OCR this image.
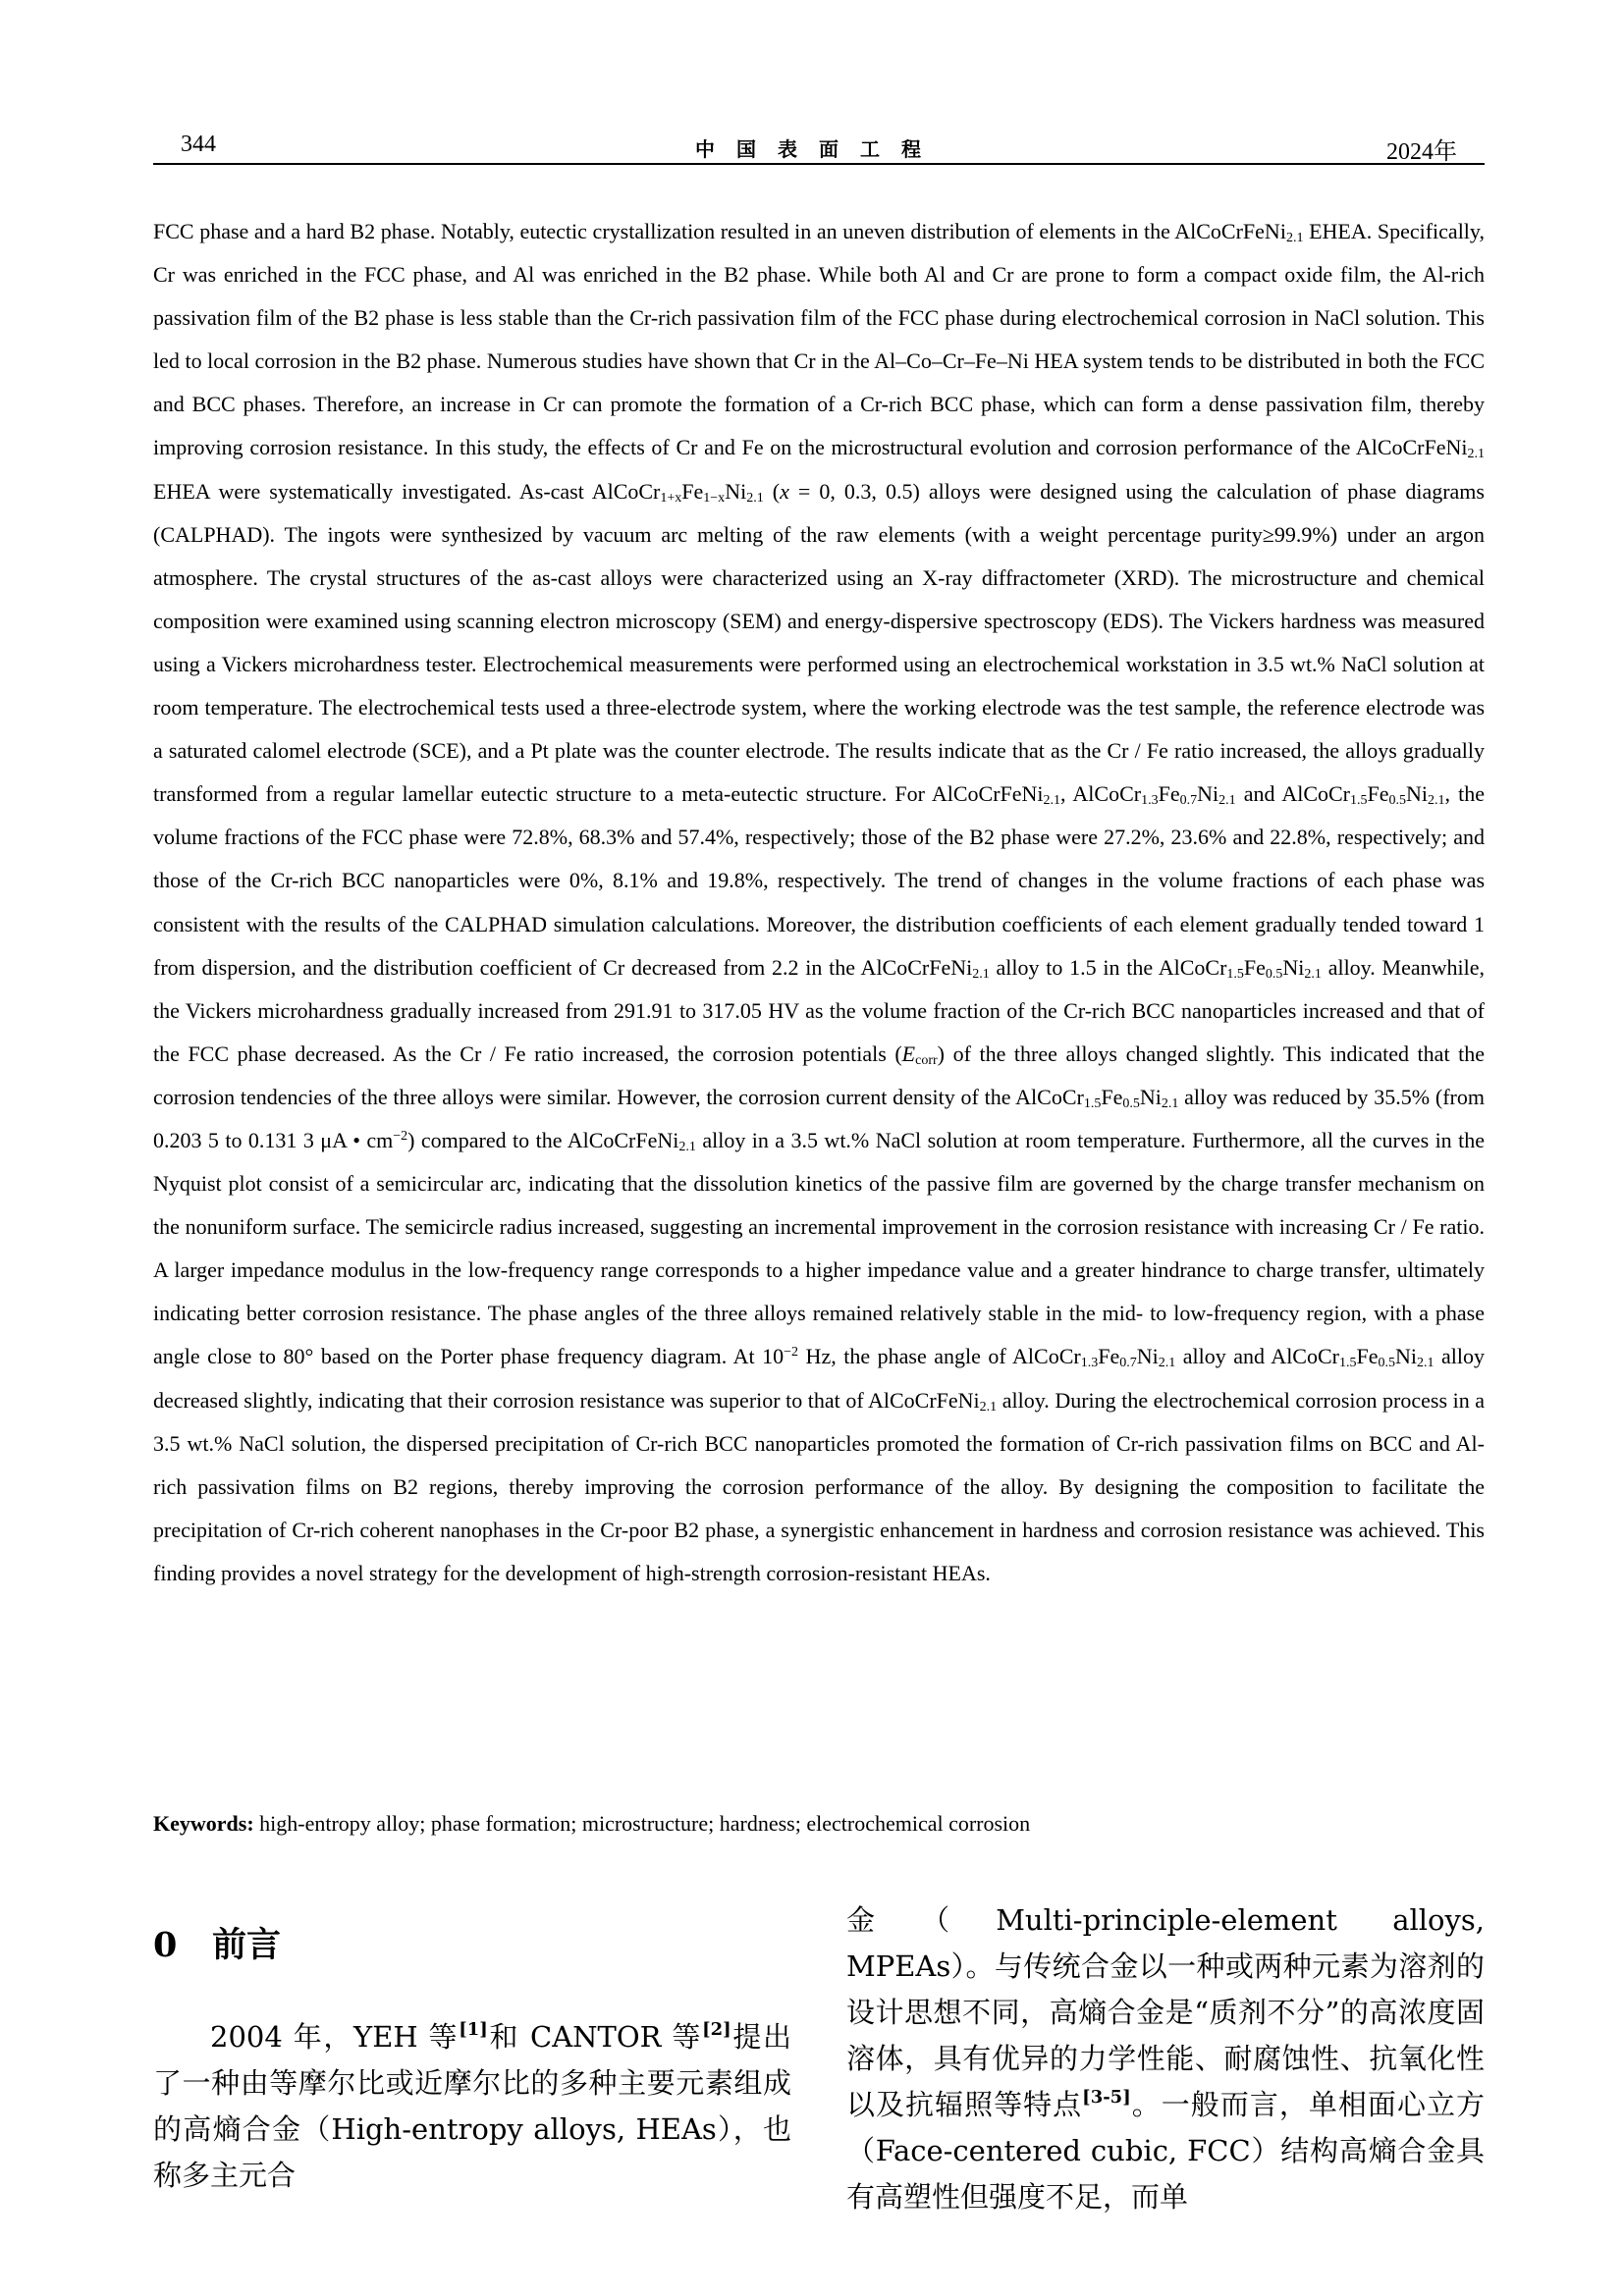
344	中国表面工程	2024年

FCC phase and a hard B2 phase. Notably, eutectic crystallization resulted in an uneven distribution of elements in the AlCoCrFeNi$_{2.1}$ EHEA. Specifically, Cr was enriched in the FCC phase, and Al was enriched in the B2 phase. While both Al and Cr are prone to form a compact oxide film, the Al-rich passivation film of the B2 phase is less stable than the Cr-rich passivation film of the FCC phase during electrochemical corrosion in NaCl solution. This led to local corrosion in the B2 phase. Numerous studies have shown that Cr in the Al–Co–Cr–Fe–Ni HEA system tends to be distributed in both the FCC and BCC phases. Therefore, an increase in Cr can promote the formation of a Cr-rich BCC phase, which can form a dense passivation film, thereby improving corrosion resistance. In this study, the effects of Cr and Fe on the microstructural evolution and corrosion performance of the AlCoCrFeNi$_{2.1}$ EHEA were systematically investigated. As-cast $AlCoCr_{1+x}Fe_{1-x}Ni_{2.1}$ (x = 0, 0.3, 0.5) alloys were designed using the calculation of phase diagrams (CALPHAD). The ingots were synthesized by vacuum arc melting of the raw elements (with a weight percentage purity≥99.9%) under an argon atmosphere. The crystal structures of the as-cast alloys were characterized using an X-ray diffractometer (XRD). The microstructure and chemical composition were examined using scanning electron microscopy (SEM) and energy-dispersive spectroscopy (EDS). The Vickers hardness was measured using a Vickers microhardness tester. Electrochemical measurements were performed using an electrochemical workstation in 3.5 wt.% NaCl solution at room temperature. The electrochemical tests used a three-electrode system, where the working electrode was the test sample, the reference electrode was a saturated calomel electrode (SCE), and a Pt plate was the counter electrode. The results indicate that as the Cr / Fe ratio increased, the alloys gradually transformed from a regular lamellar eutectic structure to a meta-eutectic structure. For AlCoCrFeNi$_{2.1}$, $AlCoCr_{1.3}Fe_{0.7}Ni_{2.1}$ and $AlCoCr_{1.5}Fe_{0.5}Ni_{2.1}$, the volume fractions of the FCC phase were 72.8%, 68.3% and 57.4%, respectively; those of the B2 phase were 27.2%, 23.6% and 22.8%, respectively; and those of the Cr-rich BCC nanoparticles were 0%, 8.1% and 19.8%, respectively. The trend of changes in the volume fractions of each phase was consistent with the results of the CALPHAD simulation calculations. Moreover, the distribution coefficients of each element gradually tended toward 1 from dispersion, and the distribution coefficient of Cr decreased from 2.2 in the AlCoCrFeNi$_{2.1}$ alloy to 1.5 in the $AlCoCr_{1.5}Fe_{0.5}Ni_{2.1}$ alloy. Meanwhile, the Vickers microhardness gradually increased from 291.91 to 317.05 HV as the volume fraction of the Cr-rich BCC nanoparticles increased and that of the FCC phase decreased. As the Cr / Fe ratio increased, the corrosion potentials $(E_{corr})$ of the three alloys changed slightly. This indicated that the corrosion tendencies of the three alloys were similar. However, the corrosion current density of the $AlCoCr_{1.5}Fe_{0.5}Ni_{2.1}$ alloy was reduced by 35.5% (from 0.203 5 to 0.131 3 μA • $cm^{-2}$) compared to the AlCoCrFeNi$_{2.1}$ alloy in a 3.5 wt.% NaCl solution at room temperature. Furthermore, all the curves in the Nyquist plot consist of a semicircular arc, indicating that the dissolution kinetics of the passive film are governed by the charge transfer mechanism on the nonuniform surface. The semicircle radius increased, suggesting an incremental improvement in the corrosion resistance with increasing Cr / Fe ratio. A larger impedance modulus in the low-frequency range corresponds to a higher impedance value and a greater hindrance to charge transfer, ultimately indicating better corrosion resistance. The phase angles of the three alloys remained relatively stable in the mid- to low-frequency region, with a phase angle close to 80° based on the Porter phase frequency diagram. At $10^{-2}$ Hz, the phase angle of $AlCoCr_{1.3}Fe_{0.7}Ni_{2.1}$ alloy and $AlCoCr_{1.5}Fe_{0.5}Ni_{2.1}$ alloy decreased slightly, indicating that their corrosion resistance was superior to that of AlCoCrFeNi$_{2.1}$ alloy. During the electrochemical corrosion process in a 3.5 wt.% NaCl solution, the dispersed precipitation of Cr-rich BCC nanoparticles promoted the formation of Cr-rich passivation films on BCC and Al-rich passivation films on B2 regions, thereby improving the corrosion performance of the alloy. By designing the composition to facilitate the precipitation of Cr-rich coherent nanophases in the Cr-poor B2 phase, a synergistic enhancement in hardness and corrosion resistance was achieved. This finding provides a novel strategy for the development of high-strength corrosion-resistant HEAs.

Keywords: high-entropy alloy; phase formation; microstructure; hardness; electrochemical corrosion

0 前言

2004 年，YEH 等[1]和 CANTOR 等[2]提出了一种由等摩尔比或近摩尔比的多种主要元素组成的高熵合金（High-entropy alloys, HEAs），也称多主元合

金（Multi-principle-element alloys, MPEAs）。与传统合金以一种或两种元素为溶剂的设计思想不同，高熵合金是“质剂不分”的高浓度固溶体，具有优异的力学性能、耐腐蚀性、抗氧化性以及抗辐照等特点[3-5]。一般而言，单相面心立方（Face-centered cubic, FCC）结构高熵合金具有高塑性但强度不足，而单
